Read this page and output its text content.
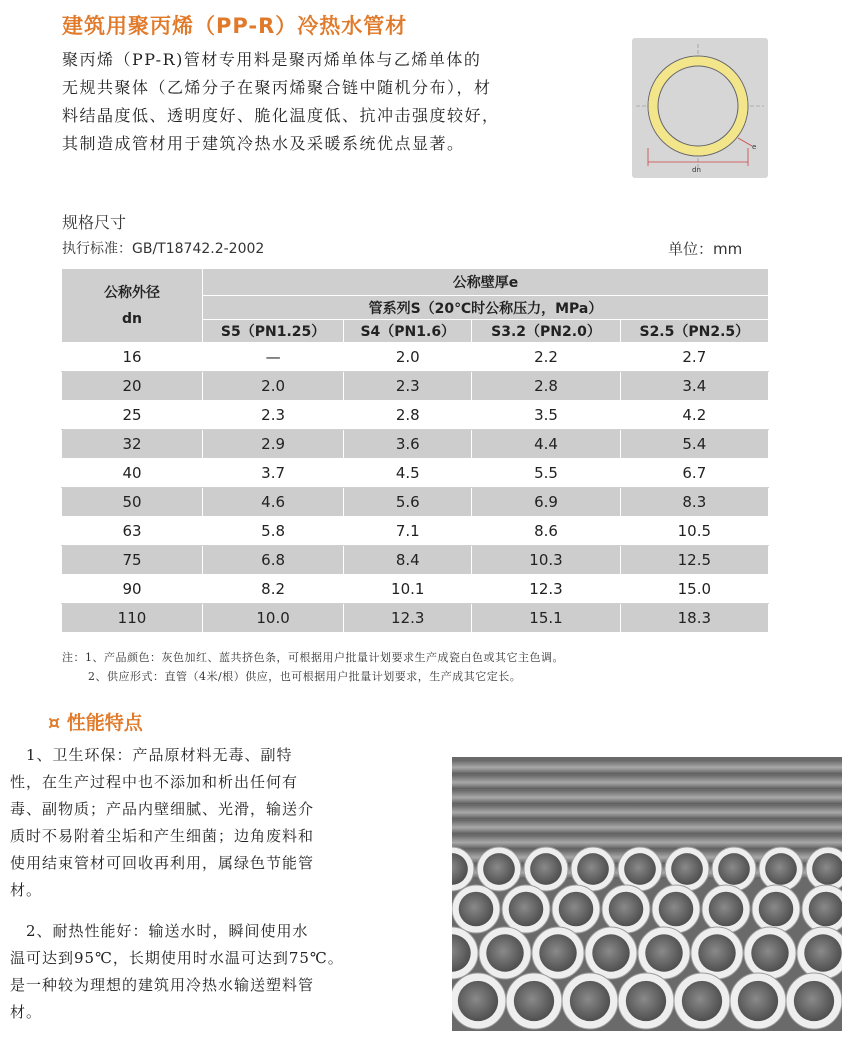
建筑用聚丙烯（PP-R）冷热水管材
聚丙烯（PP-R)管材专用料是聚丙烯单体与乙烯单体的
无规共聚体（乙烯分子在聚丙烯聚合链中随机分布），材
料结晶度低、透明度好、脆化温度低、抗冲击强度较好，
其制造成管材用于建筑冷热水及采暖系统优点显著。	e
dn
规格尺寸
执行标准：GB/T18742.2-2002	单位：mm
公称外径
dn	公称壁厚e			
	管系列S（20℃时公称压力，MPa）			
	S5（PN1.25）	S4（PN1.6）	S3.2（PN2.0）	S2.5（PN2.5）
16	—	2.0	2.2	2.7
20	2.0	2.3	2.8	3.4
25	2.3	2.8	3.5	4.2
32	2.9	3.6	4.4	5.4
40	3.7	4.5	5.5	6.7
50	4.6	5.6	6.9	8.3
63	5.8	7.1	8.6	10.5
75	6.8	8.4	10.3	12.5
90	8.2	10.1	12.3	15.0
110	10.0	12.3	15.1	18.3
注：1、产品颜色：灰色加红、蓝共挤色条，可根据用户批量计划要求生产成瓷白色或其它主色调。
2、供应形式：直管（4米/根）供应，也可根据用户批量计划要求，生产成其它定长。
¤ 性能特点
　1、卫生环保：产品原材料无毒、副特
性，在生产过程中也不添加和析出任何有
毒、副物质；产品内壁细腻、光滑，输送介
质时不易附着尘垢和产生细菌；边角废料和
使用结束管材可回收再利用，属绿色节能管
材。
　2、耐热性能好：输送水时，瞬间使用水
温可达到95℃，长期使用时水温可达到75℃。
是一种较为理想的建筑用冷热水输送塑料管
材。
